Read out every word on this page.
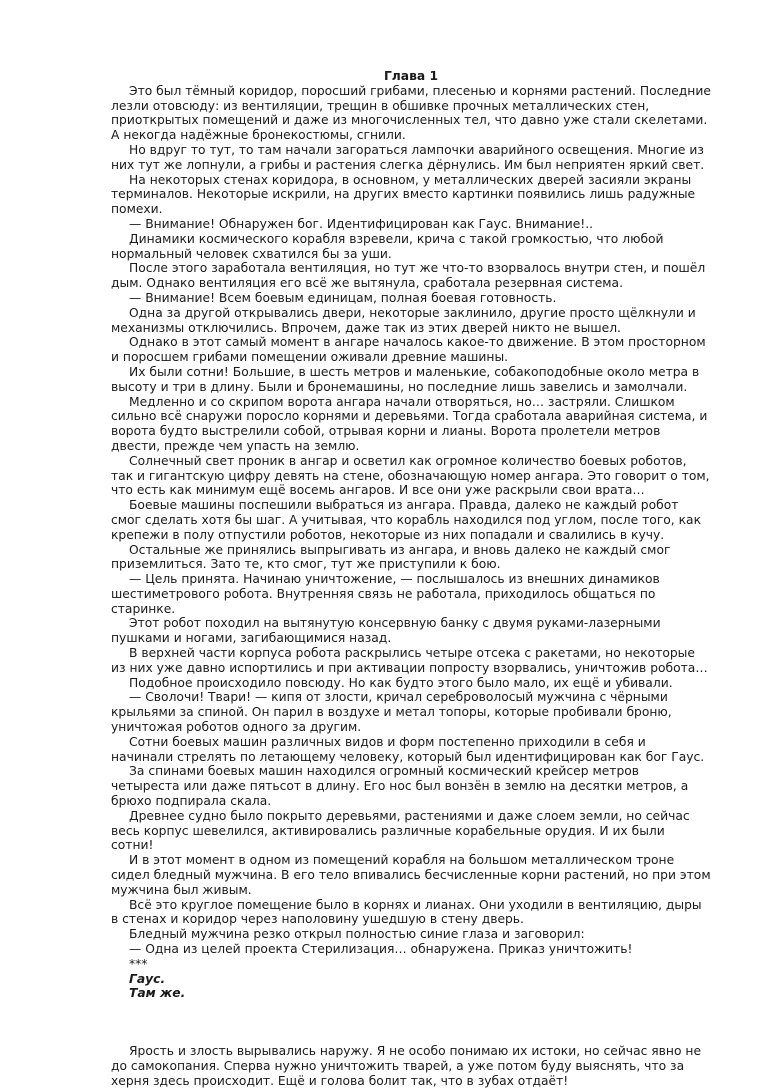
Глава 1

Это был тёмный коридор, поросший грибами, плесенью и корнями растений. Последние лезли отовсюду: из вентиляции, трещин в обшивке прочных металлических стен, приоткрытых помещений и даже из многочисленных тел, что давно уже стали скелетами. А некогда надёжные бронекостюмы, сгнили.

Но вдруг то тут, то там начали загораться лампочки аварийного освещения. Многие из них тут же лопнули, а грибы и растения слегка дёрнулись. Им был неприятен яркий свет.

На некоторых стенах коридора, в основном, у металлических дверей засияли экраны терминалов. Некоторые искрили, на других вместо картинки появились лишь радужные помехи.

— Внимание! Обнаружен бог. Идентифицирован как Гаус. Внимание!..

Динамики космического корабля взревели, крича с такой громкостью, что любой нормальный человек схватился бы за уши.

После этого заработала вентиляция, но тут же что-то взорвалось внутри стен, и пошёл дым. Однако вентиляция его всё же вытянула, сработала резервная система.

— Внимание! Всем боевым единицам, полная боевая готовность.

Одна за другой открывались двери, некоторые заклинило, другие просто щёлкнули и механизмы отключились. Впрочем, даже так из этих дверей никто не вышел.

Однако в этот самый момент в ангаре началось какое-то движение. В этом просторном и поросшем грибами помещении оживали древние машины.

Их были сотни! Большие, в шесть метров и маленькие, собакоподобные около метра в высоту и три в длину. Были и бронемашины, но последние лишь завелись и замолчали.

Медленно и со скрипом ворота ангара начали отворяться, но… застряли. Слишком сильно всё снаружи поросло корнями и деревьями. Тогда сработала аварийная система, и ворота будто выстрелили собой, отрывая корни и лианы. Ворота пролетели метров двести, прежде чем упасть на землю.

Солнечный свет проник в ангар и осветил как огромное количество боевых роботов, так и гигантскую цифру девять на стене, обозначающую номер ангара. Это говорит о том, что есть как минимум ещё восемь ангаров. И все они уже раскрыли свои врата…

Боевые машины поспешили выбраться из ангара. Правда, далеко не каждый робот смог сделать хотя бы шаг. А учитывая, что корабль находился под углом, после того, как крепежи в полу отпустили роботов, некоторые из них попадали и свалились в кучу.

Остальные же принялись выпрыгивать из ангара, и вновь далеко не каждый смог приземлиться. Зато те, кто смог, тут же приступили к бою.

— Цель принята. Начинаю уничтожение, — послышалось из внешних динамиков шестиметрового робота. Внутренняя связь не работала, приходилось общаться по старинке.

Этот робот походил на вытянутую консервную банку с двумя руками-лазерными пушками и ногами, загибающимися назад.

В верхней части корпуса робота раскрылись четыре отсека с ракетами, но некоторые из них уже давно испортились и при активации попросту взорвались, уничтожив робота…

Подобное происходило повсюду. Но как будто этого было мало, их ещё и убивали.

— Сволочи! Твари! — кипя от злости, кричал сереброволосый мужчина с чёрными крыльями за спиной. Он парил в воздухе и метал топоры, которые пробивали броню, уничтожая роботов одного за другим.

Сотни боевых машин различных видов и форм постепенно приходили в себя и начинали стрелять по летающему человеку, который был идентифицирован как бог Гаус.

За спинами боевых машин находился огромный космический крейсер метров четыреста или даже пятьсот в длину. Его нос был вонзён в землю на десятки метров, а брюхо подпирала скала.

Древнее судно было покрыто деревьями, растениями и даже слоем земли, но сейчас весь корпус шевелился, активировались различные корабельные орудия. И их были сотни!

И в этот момент в одном из помещений корабля на большом металлическом троне сидел бледный мужчина. В его тело впивались бесчисленные корни растений, но при этом мужчина был живым.

Всё это круглое помещение было в корнях и лианах. Они уходили в вентиляцию, дыры в стенах и коридор через наполовину ушедшую в стену дверь.

Бледный мужчина резко открыл полностью синие глаза и заговорил:

— Одна из целей проекта Стерилизация… обнаружена. Приказ уничтожить!

***

Гаус.

Там же.

Ярость и злость вырывались наружу. Я не особо понимаю их истоки, но сейчас явно не до самокопания. Сперва нужно уничтожить тварей, а уже потом буду выяснять, что за херня здесь происходит. Ещё и голова болит так, что в зубах отдаёт!
